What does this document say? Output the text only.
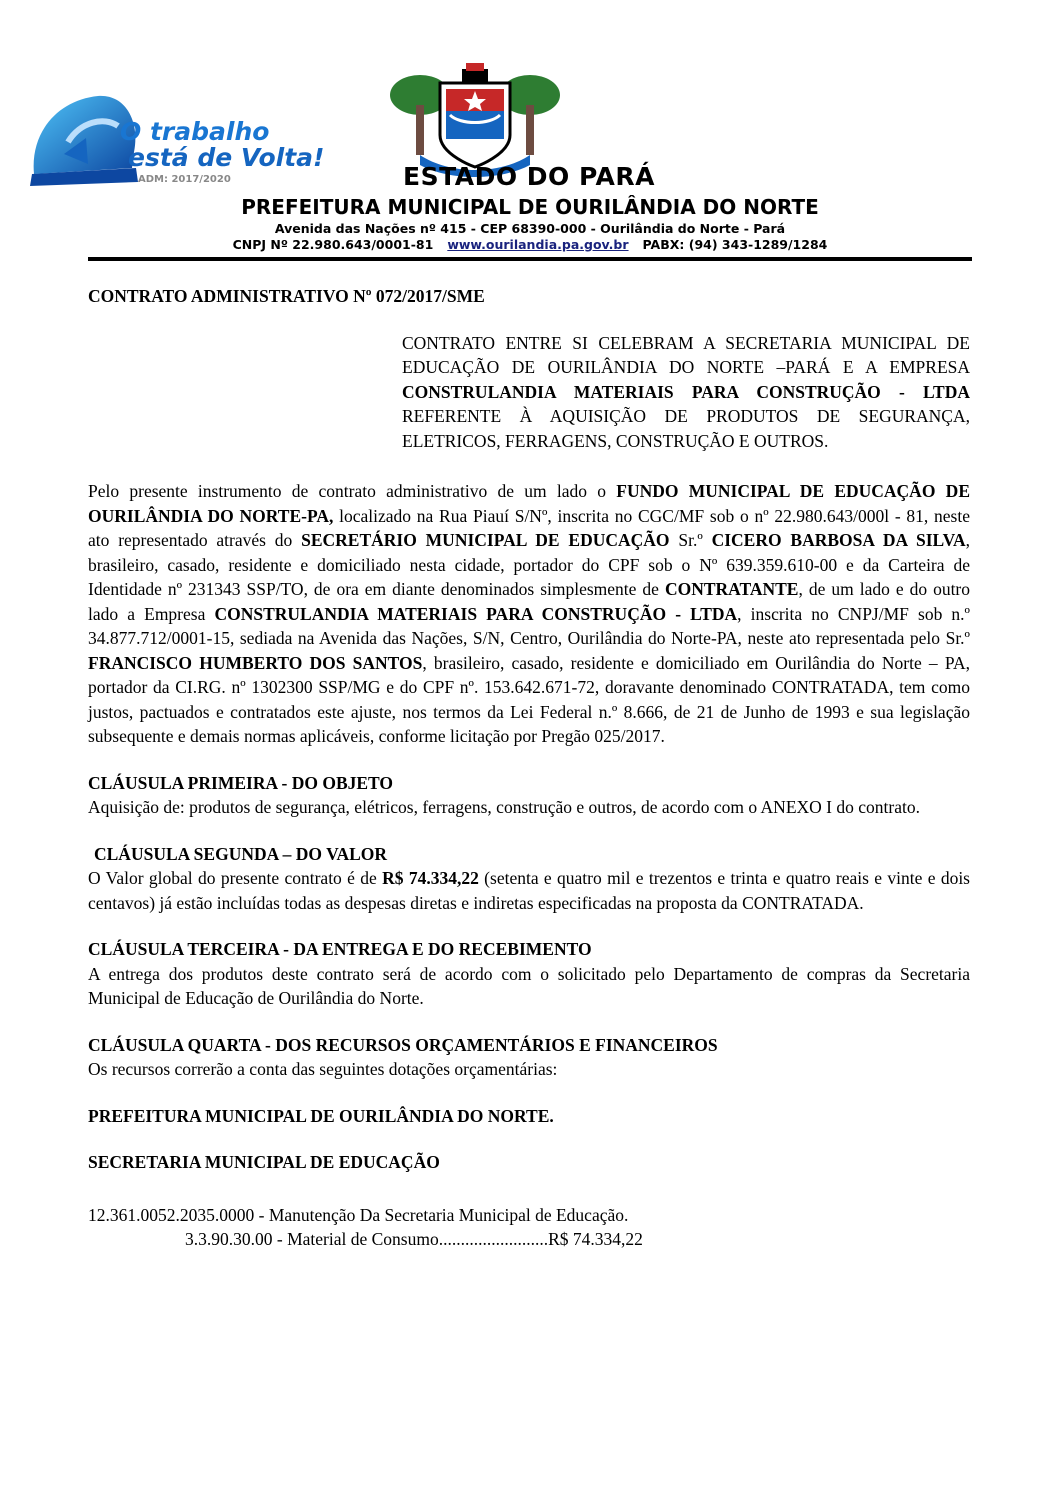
O trabalho
está de Volta!
ADM: 2017/2020	ESTADO DO PARÁ

PREFEITURA MUNICIPAL DE OURILÂNDIA DO NORTE

Avenida das Nações nº 415 - CEP 68390-000 - Ourilândia do Norte - Pará

CNPJ Nº 22.980.643/0001-81 www.ourilandia.pa.gov.br PABX: (94) 343-1289/1284

CONTRATO ADMINISTRATIVO Nº 072/2017/SME

CONTRATO ENTRE SI CELEBRAM A SECRETARIA MUNICIPAL DE EDUCAÇÃO DE OURILÂNDIA DO NORTE –PARÁ E A EMPRESA CONSTRULANDIA MATERIAIS PARA CONSTRUÇÃO - LTDA REFERENTE À AQUISIÇÃO DE PRODUTOS DE SEGURANÇA, ELETRICOS, FERRAGENS, CONSTRUÇÃO E OUTROS.

Pelo presente instrumento de contrato administrativo de um lado o FUNDO MUNICIPAL DE EDUCAÇÃO DE OURILÂNDIA DO NORTE-PA, localizado na Rua Piauí S/Nº, inscrita no CGC/MF sob o nº 22.980.643/000l - 81, neste ato representado através do SECRETÁRIO MUNICIPAL DE EDUCAÇÃO Sr.º CICERO BARBOSA DA SILVA, brasileiro, casado, residente e domiciliado nesta cidade, portador do CPF sob o Nº 639.359.610-00 e da Carteira de Identidade nº 231343 SSP/TO, de ora em diante denominados simplesmente de CONTRATANTE, de um lado e do outro lado a Empresa CONSTRULANDIA MATERIAIS PARA CONSTRUÇÃO - LTDA, inscrita no CNPJ/MF sob n.º 34.877.712/0001-15, sediada na Avenida das Nações, S/N, Centro, Ourilândia do Norte-PA, neste ato representada pelo Sr.º FRANCISCO HUMBERTO DOS SANTOS, brasileiro, casado, residente e domiciliado em Ourilândia do Norte – PA, portador da CI.RG. nº 1302300 SSP/MG e do CPF nº. 153.642.671-72, doravante denominado CONTRATADA, tem como justos, pactuados e contratados este ajuste, nos termos da Lei Federal n.º 8.666, de 21 de Junho de 1993 e sua legislação subsequente e demais normas aplicáveis, conforme licitação por Pregão 025/2017.

CLÁUSULA PRIMEIRA - DO OBJETO

Aquisição de: produtos de segurança, elétricos, ferragens, construção e outros, de acordo com o ANEXO I do contrato.

CLÁUSULA SEGUNDA – DO VALOR

O Valor global do presente contrato é de R$ 74.334,22 (setenta e quatro mil e trezentos e trinta e quatro reais e vinte e dois centavos) já estão incluídas todas as despesas diretas e indiretas especificadas na proposta da CONTRATADA.

CLÁUSULA TERCEIRA - DA ENTREGA E DO RECEBIMENTO

A entrega dos produtos deste contrato será de acordo com o solicitado pelo Departamento de compras da Secretaria Municipal de Educação de Ourilândia do Norte.

CLÁUSULA QUARTA - DOS RECURSOS ORÇAMENTÁRIOS E FINANCEIROS

Os recursos correrão a conta das seguintes dotações orçamentárias:

PREFEITURA MUNICIPAL DE OURILÂNDIA DO NORTE.

SECRETARIA MUNICIPAL DE EDUCAÇÃO

12.361.0052.2035.0000 - Manutenção Da Secretaria Municipal de Educação.

3.3.90.30.00 - Material de Consumo.........................R$ 74.334,22
